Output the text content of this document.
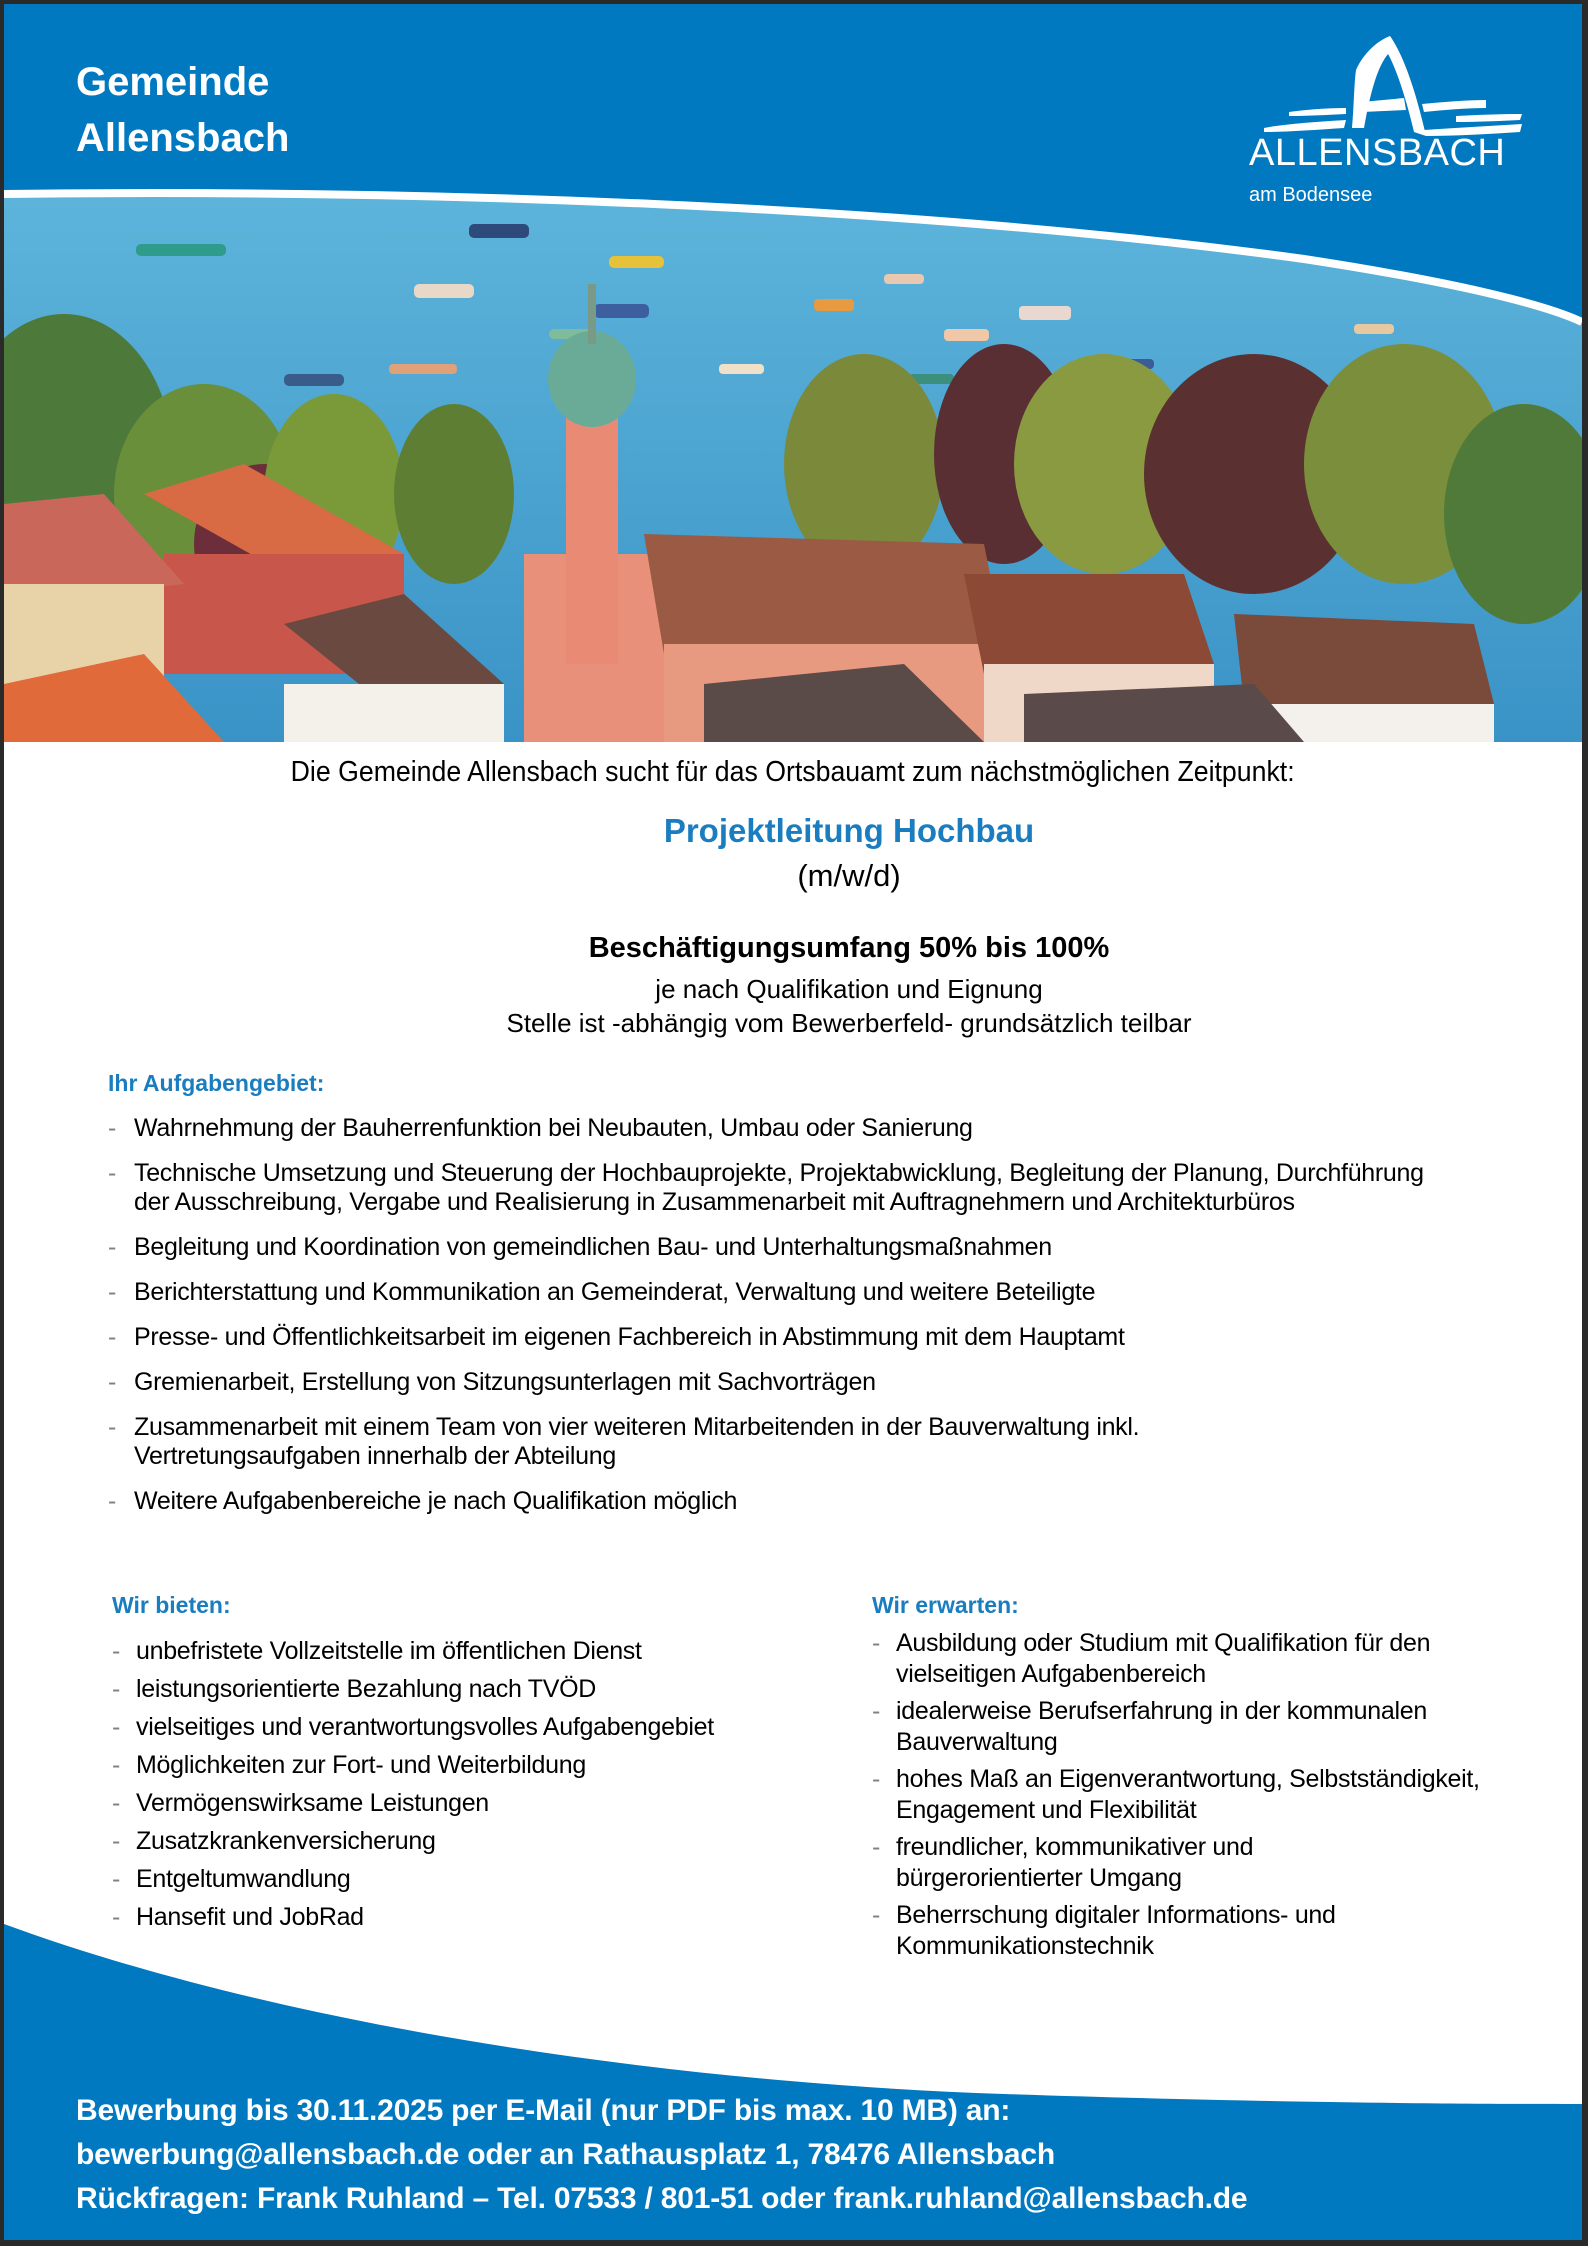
Gemeinde
Allensbach	ALLENSBACH
am Bodensee
Die Gemeinde Allensbach sucht für das Ortsbauamt zum nächstmöglichen Zeitpunkt:
Projektleitung Hochbau
(m/w/d)
Beschäftigungsumfang 50% bis 100%
je nach Qualifikation und Eignung
Stelle ist -abhängig vom Bewerberfeld- grundsätzlich teilbar
Ihr Aufgabengebiet:
- Wahrnehmung der Bauherrenfunktion bei Neubauten, Umbau oder Sanierung
- Technische Umsetzung und Steuerung der Hochbauprojekte, Projektabwicklung, Begleitung der Planung, Durchführung der Ausschreibung, Vergabe und Realisierung in Zusammenarbeit mit Auftragnehmern und Architekturbüros
- Begleitung und Koordination von gemeindlichen Bau- und Unterhaltungsmaßnahmen
- Berichterstattung und Kommunikation an Gemeinderat, Verwaltung und weitere Beteiligte
- Presse- und Öffentlichkeitsarbeit im eigenen Fachbereich in Abstimmung mit dem Hauptamt
- Gremienarbeit, Erstellung von Sitzungsunterlagen mit Sachvorträgen
- Zusammenarbeit mit einem Team von vier weiteren Mitarbeitenden in der Bauverwaltung inkl. Vertretungsaufgaben innerhalb der Abteilung
- Weitere Aufgabenbereiche je nach Qualifikation möglich
Bewerbung bis 30.11.2025 per E-Mail (nur PDF bis max. 10 MB) an:
bewerbung@allensbach.de oder an Rathausplatz 1, 78476 Allensbach
Rückfragen: Frank Ruhland – Tel. 07533 / 801-51 oder frank.ruhland@allensbach.de
Wir bieten:
- unbefristete Vollzeitstelle im öffentlichen Dienst
- leistungsorientierte Bezahlung nach TVÖD
- vielseitiges und verantwortungsvolles Aufgabengebiet
- Möglichkeiten zur Fort- und Weiterbildung
- Vermögenswirksame Leistungen
- Zusatzkrankenversicherung
- Entgeltumwandlung
- Hansefit und JobRad
Wir erwarten:
- Ausbildung oder Studium mit Qualifikation für den vielseitigen Aufgabenbereich
- idealerweise Berufserfahrung in der kommunalen Bauverwaltung
- hohes Maß an Eigenverantwortung, Selbstständigkeit, Engagement und Flexibilität
- freundlicher, kommunikativer und bürgerorientierter Umgang
- Beherrschung digitaler Informations- und Kommunikationstechnik
